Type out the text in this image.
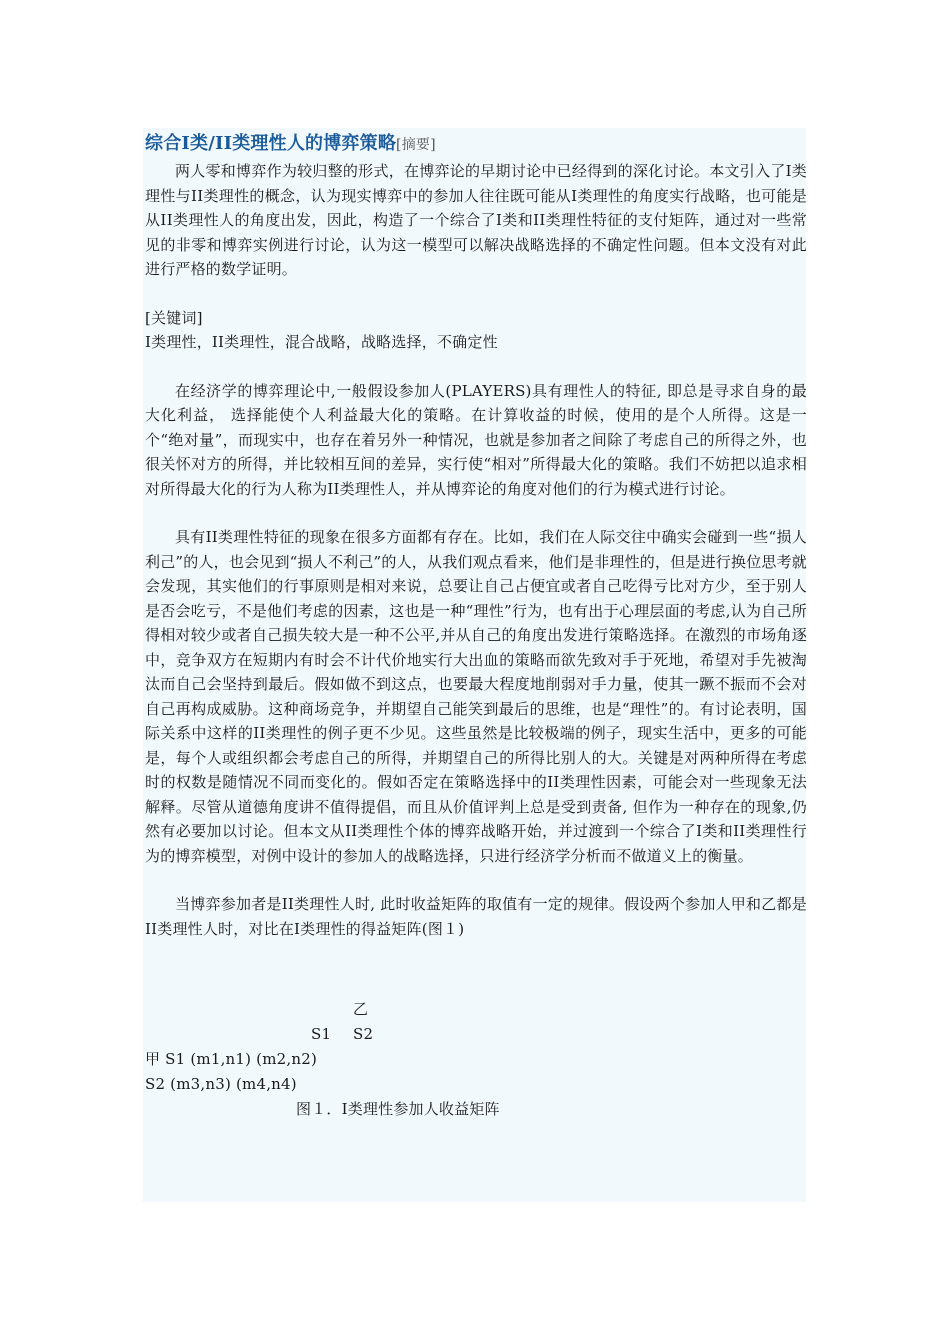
综合Ⅰ类/II类理性人的博弈策略[摘要]

两人零和博弈作为较归整的形式，在博弈论的早期讨论中已经得到的深化讨论。本文引入了Ⅰ类理性与ⅠⅠ类理性的概念，认为现实博弈中的参加人往往既可能从Ⅰ类理性的角度实行战略，也可能是从ⅠⅠ类理性人的角度出发，因此，构造了一个综合了Ⅰ类和ⅠⅠ类理性特征的支付矩阵，通过对一些常见的非零和博弈实例进行讨论，认为这一模型可以解决战略选择的不确定性问题。但本文没有对此进行严格的数学证明。

[关键词]

Ⅰ类理性，II类理性，混合战略，战略选择，不确定性

在经济学的博弈理论中,一般假设参加人(PLAYERS)具有理性人的特征, 即总是寻求自身的最大化利益， 选择能使个人利益最大化的策略。在计算收益的时候，使用的是个人所得。这是一个“绝对量”，而现实中，也存在着另外一种情况，也就是参加者之间除了考虑自己的所得之外，也很关怀对方的所得，并比较相互间的差异，实行使“相对”所得最大化的策略。我们不妨把以追求相对所得最大化的行为人称为II类理性人，并从博弈论的角度对他们的行为模式进行讨论。

具有II类理性特征的现象在很多方面都有存在。比如，我们在人际交往中确实会碰到一些“损人利己”的人，也会见到“损人不利己”的人，从我们观点看来，他们是非理性的，但是进行换位思考就会发现，其实他们的行事原则是相对来说，总要让自己占便宜或者自己吃得亏比对方少，至于别人是否会吃亏，不是他们考虑的因素，这也是一种“理性”行为，也有出于心理层面的考虑,认为自己所得相对较少或者自己损失较大是一种不公平,并从自己的角度出发进行策略选择。在激烈的市场角逐中，竞争双方在短期内有时会不计代价地实行大出血的策略而欲先致对手于死地，希望对手先被淘汰而自己会坚持到最后。假如做不到这点，也要最大程度地削弱对手力量，使其一蹶不振而不会对自己再构成威胁。这种商场竞争，并期望自己能笑到最后的思维，也是“理性”的。有讨论表明，国际关系中这样的II类理性的例子更不少见。这些虽然是比较极端的例子，现实生活中，更多的可能是，每个人或组织都会考虑自己的所得，并期望自己的所得比别人的大。关键是对两种所得在考虑时的权数是随情况不同而变化的。假如否定在策略选择中的II类理性因素，可能会对一些现象无法解释。尽管从道德角度讲不值得提倡，而且从价值评判上总是受到责备, 但作为一种存在的现象,仍然有必要加以讨论。但本文从II类理性个体的博弈战略开始，并过渡到一个综合了Ⅰ类和II类理性行为的博弈模型，对例中设计的参加人的战略选择，只进行经济学分析而不做道义上的衡量。

当博弈参加者是II类理性人时, 此时收益矩阵的取值有一定的规律。假设两个参加人甲和乙都是II类理性人时，对比在Ⅰ类理性的得益矩阵(图１)

乙
S1 S2
甲 S1 (m1,n1) (m2,n2)
S2 (m3,n3) (m4,n4)
图１．Ⅰ类理性参加人收益矩阵
